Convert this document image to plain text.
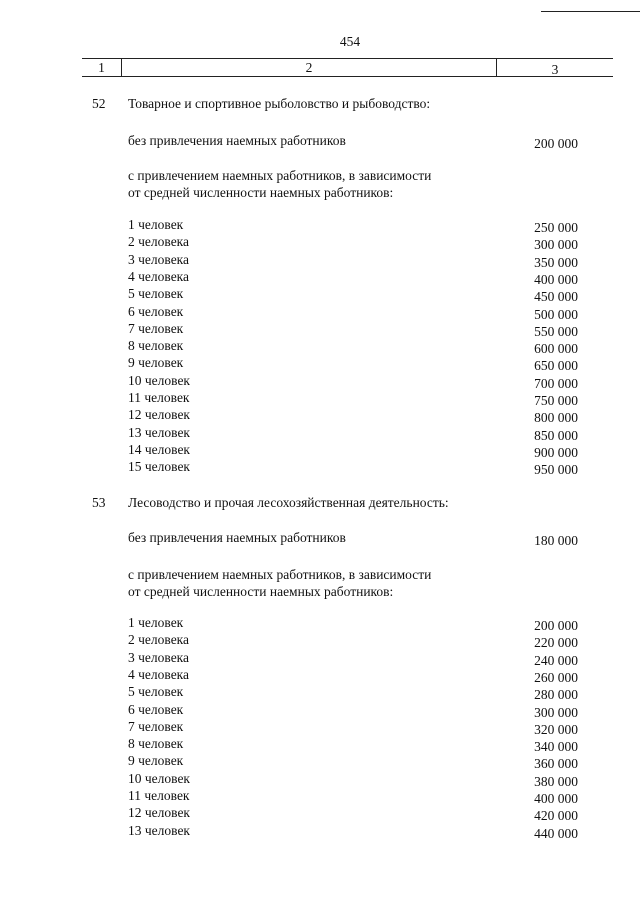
454
1	2	3
52 Товарное и спортивное рыболовство и рыбоводство:
без привлечения наемных работников	200 000
с привлечением наемных работников, в зависимости
от средней численности наемных работников:
1 человек	250 000
2 человека	300 000
3 человека	350 000
4 человека	400 000
5 человек	450 000
6 человек	500 000
7 человек	550 000
8 человек	600 000
9 человек	650 000
10 человек	700 000
11 человек	750 000
12 человек	800 000
13 человек	850 000
14 человек	900 000
15 человек	950 000
53 Лесоводство и прочая лесохозяйственная деятельность:
без привлечения наемных работников	180 000
с привлечением наемных работников, в зависимости
от средней численности наемных работников:
1 человек	200 000
2 человека	220 000
3 человека	240 000
4 человека	260 000
5 человек	280 000
6 человек	300 000
7 человек	320 000
8 человек	340 000
9 человек	360 000
10 человек	380 000
11 человек	400 000
12 человек	420 000
13 человек	440 000
